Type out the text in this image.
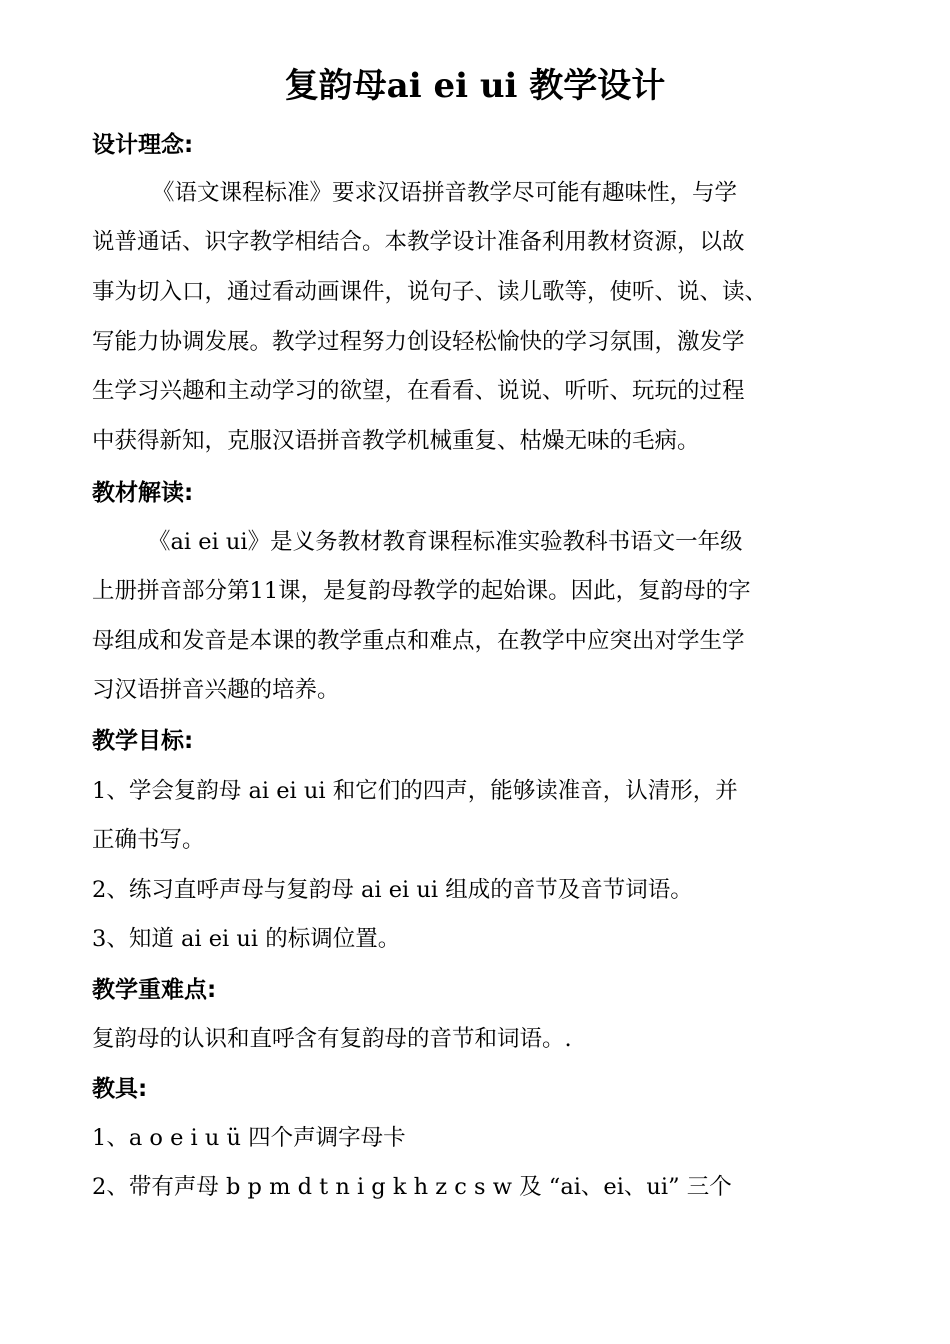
复韵母ai ei ui 教学设计
设计理念:
《语文课程标准》要求汉语拼音教学尽可能有趣味性，与学
说普通话、识字教学相结合。本教学设计准备利用教材资源，以故
事为切入口，通过看动画课件，说句子、读儿歌等，使听、说、读、
写能力协调发展。教学过程努力创设轻松愉快的学习氛围，激发学
生学习兴趣和主动学习的欲望，在看看、说说、听听、玩玩的过程
中获得新知，克服汉语拼音教学机械重复、枯燥无味的毛病。
教材解读:
《ai ei ui》是义务教材教育课程标准实验教科书语文一年级
上册拼音部分第11课，是复韵母教学的起始课。因此，复韵母的字
母组成和发音是本课的教学重点和难点，在教学中应突出对学生学
习汉语拼音兴趣的培养。
教学目标:
1、学会复韵母 ai ei ui 和它们的四声，能够读准音，认清形，并
正确书写。
2、练习直呼声母与复韵母 ai ei ui 组成的音节及音节词语。
3、知道 ai ei ui 的标调位置。
教学重难点:
复韵母的认识和直呼含有复韵母的音节和词语。.
教具:
1、a o e i u ü 四个声调字母卡
2、带有声母 b p m d t n i g k h z c s w 及 “ai、ei、ui” 三个
